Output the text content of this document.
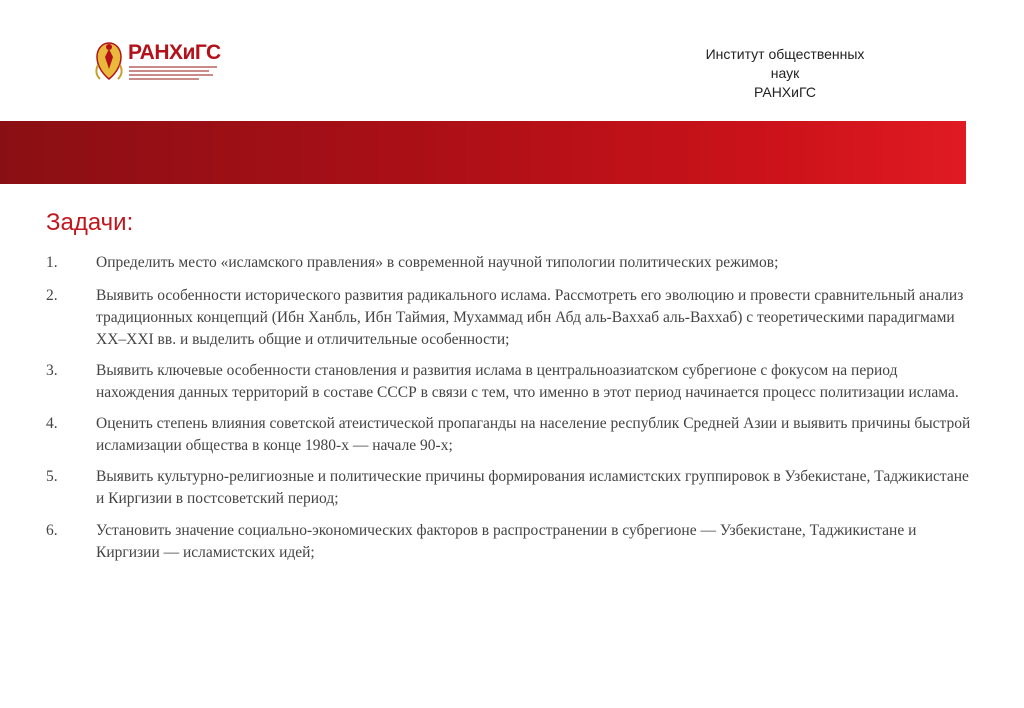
РАНХиГС	Институт общественных наук
РАНХиГС
Задачи:
1. Определить место «исламского правления» в современной научной типологии политических режимов;
2. Выявить особенности исторического развития радикального ислама. Рассмотреть его эволюцию и провести сравнительный анализ традиционных концепций (Ибн Ханбль, Ибн Таймия, Мухаммад ибн Абд аль-Ваххаб аль-Ваххаб) с теоретическими парадигмами XX–XXI вв. и выделить общие и отличительные особенности;
3. Выявить ключевые особенности становления и развития ислама в центральноазиатском субрегионе с фокусом на период нахождения данных территорий в составе СССР в связи с тем, что именно в этот период начинается процесс политизации ислама.
4. Оценить степень влияния советской атеистической пропаганды на население республик Средней Азии и выявить причины быстрой исламизации общества в конце 1980-х — начале 90-х;
5. Выявить культурно-религиозные и политические причины формирования исламистских группировок в Узбекистане, Таджикистане и Киргизии в постсоветский период;
6. Установить значение социально-экономических факторов в распространении в субрегионе — Узбекистане, Таджикистане и Киргизии — исламистских идей;
